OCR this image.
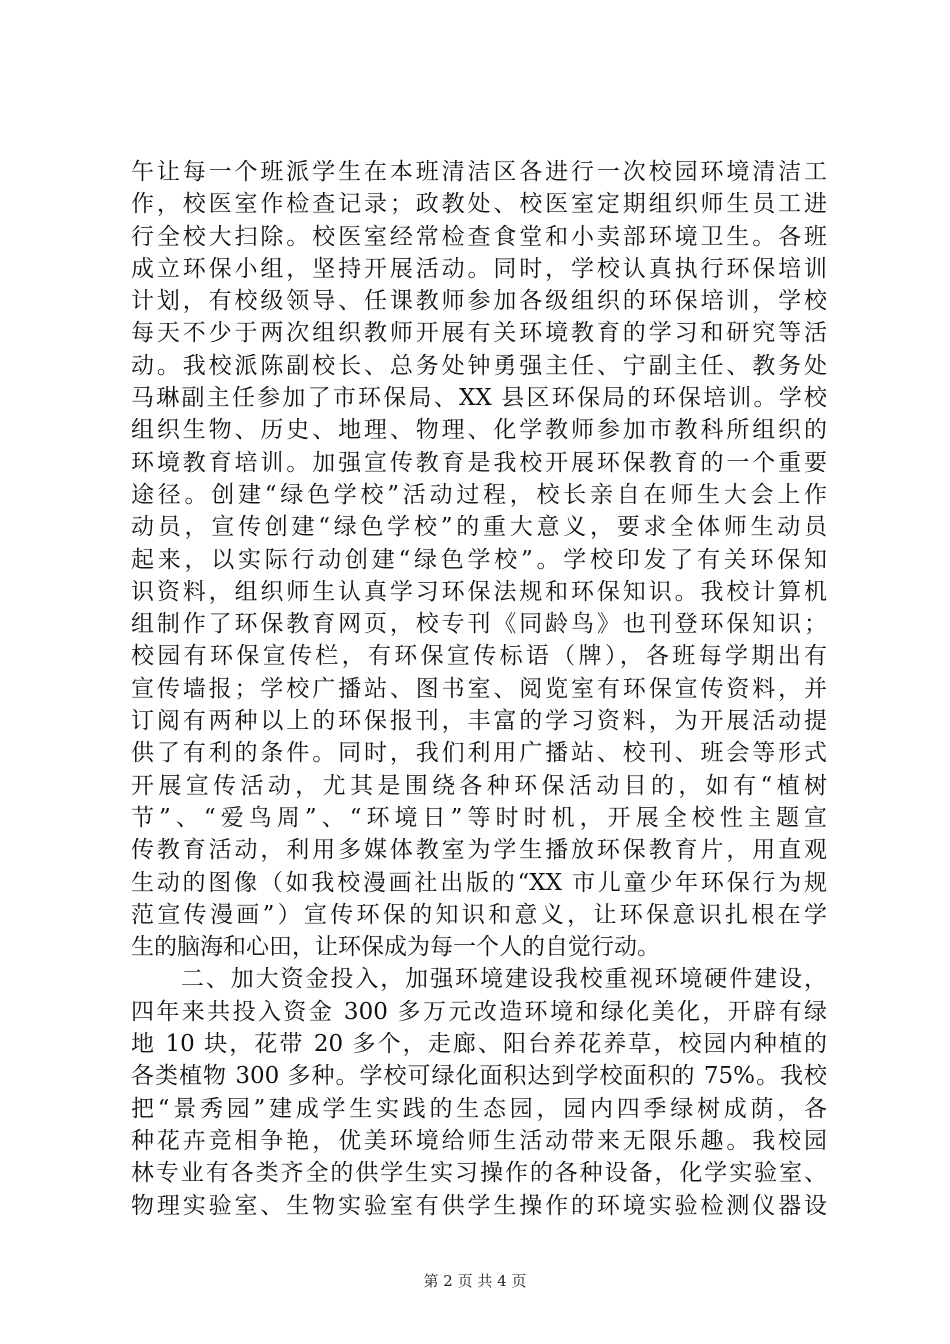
午让每一个班派学生在本班清洁区各进行一次校园环境清洁工
作，校医室作检查记录；政教处、校医室定期组织师生员工进
行全校大扫除。校医室经常检查食堂和小卖部环境卫生。各班
成立环保小组，坚持开展活动。同时，学校认真执行环保培训
计划，有校级领导、任课教师参加各级组织的环保培训，学校
每天不少于两次组织教师开展有关环境教育的学习和研究等活
动。我校派陈副校长、总务处钟勇强主任、宁副主任、教务处
马琳副主任参加了市环保局、XX 县区环保局的环保培训。学校
组织生物、历史、地理、物理、化学教师参加市教科所组织的
环境教育培训。加强宣传教育是我校开展环保教育的一个重要
途径。创建“绿色学校”活动过程，校长亲自在师生大会上作
动员，宣传创建“绿色学校”的重大意义，要求全体师生动员
起来，以实际行动创建“绿色学校”。学校印发了有关环保知
识资料，组织师生认真学习环保法规和环保知识。我校计算机
组制作了环保教育网页，校专刊《同龄鸟》也刊登环保知识；
校园有环保宣传栏，有环保宣传标语（牌），各班每学期出有
宣传墙报；学校广播站、图书室、阅览室有环保宣传资料，并
订阅有两种以上的环保报刊，丰富的学习资料，为开展活动提
供了有利的条件。同时，我们利用广播站、校刊、班会等形式
开展宣传活动，尤其是围绕各种环保活动目的，如有“植树
节”、“爱鸟周”、“环境日”等时时机，开展全校性主题宣
传教育活动，利用多媒体教室为学生播放环保教育片，用直观
生动的图像（如我校漫画社出版的“XX 市儿童少年环保行为规
范宣传漫画”）宣传环保的知识和意义，让环保意识扎根在学
生的脑海和心田，让环保成为每一个人的自觉行动。
　　二、加大资金投入，加强环境建设我校重视环境硬件建设，
四年来共投入资金 300 多万元改造环境和绿化美化，开辟有绿
地 10 块，花带 20 多个，走廊、阳台养花养草，校园内种植的
各类植物 300 多种。学校可绿化面积达到学校面积的 75%。我校
把“景秀园”建成学生实践的生态园，园内四季绿树成荫，各
种花卉竞相争艳，优美环境给师生活动带来无限乐趣。我校园
林专业有各类齐全的供学生实习操作的各种设备，化学实验室、
物理实验室、生物实验室有供学生操作的环境实验检测仪器设
第 2 页 共 4 页
